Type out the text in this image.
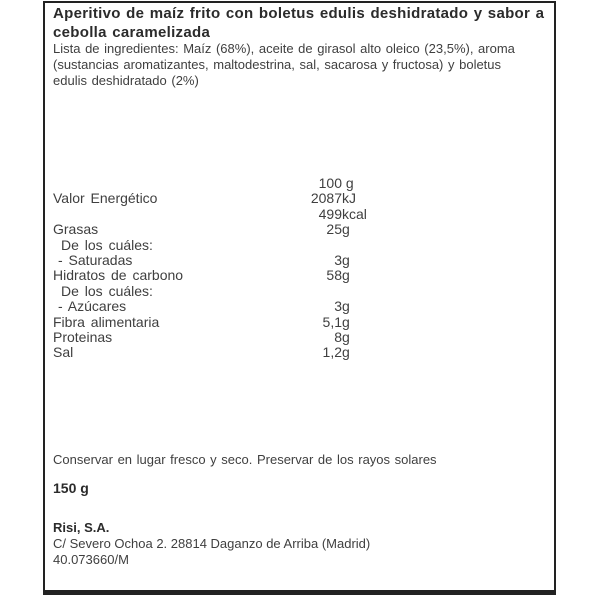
Aperitivo de maíz frito con boletus edulis deshidratado y sabor a cebolla caramelizada

Lista de ingredientes: Maíz (68%), aceite de girasol alto oleico (23,5%), aroma (sustancias aromatizantes, maltodestrina, sal, sacarosa y fructosa) y boletus edulis deshidratado (2%)

100 g
Valor Energético	2087 kJ
499 kcal
Grasas	25 g
De los cuáles:
- Saturadas	3 g
Hidratos de carbono	58 g
De los cuáles:
- Azúcares	3 g
Fibra alimentaria	5,1 g
Proteinas	8 g
Sal	1,2 g

Conservar en lugar fresco y seco. Preservar de los rayos solares

150 g

Risi, S.A.

C/ Severo Ochoa 2. 28814 Daganzo de Arriba (Madrid)

40.073660/M
